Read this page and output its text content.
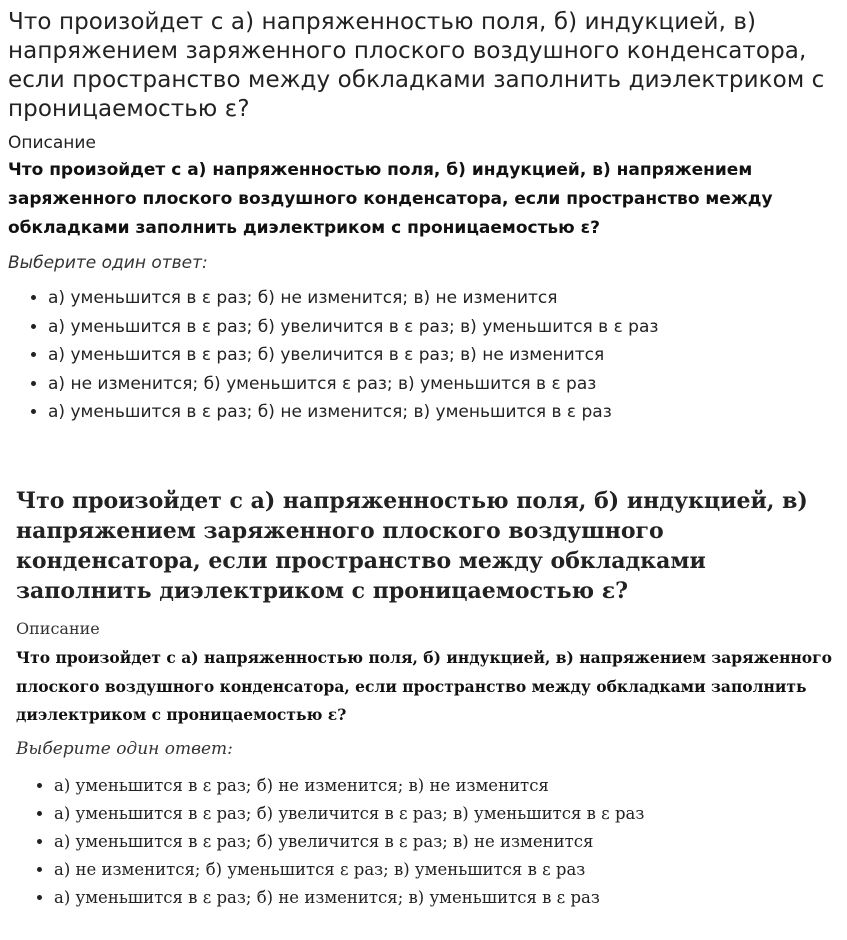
Что произойдет с а) напряженностью поля, б) индукцией, в) напряжением заряженного плоского воздушного конденсатора, если пространство между обкладками заполнить диэлектриком с проницаемостью ε?
Описание
Что произойдет с а) напряженностью поля, б) индукцией, в) напряжением заряженного плоского воздушного конденсатора, если пространство между обкладками заполнить диэлектриком с проницаемостью ε?
Выберите один ответ:
• а) уменьшится в ε раз; б) не изменится; в) не изменится
• а) уменьшится в ε раз; б) увеличится в ε раз; в) уменьшится в ε раз
• а) уменьшится в ε раз; б) увеличится в ε раз; в) не изменится
• а) не изменится; б) уменьшится ε раз; в) уменьшится в ε раз
• а) уменьшится в ε раз; б) не изменится; в) уменьшится в ε раз
Что произойдет с а) напряженностью поля, б) индукцией, в) напряжением заряженного плоского воздушного конденсатора, если пространство между обкладками заполнить диэлектриком с проницаемостью ε?
Описание
Что произойдет с а) напряженностью поля, б) индукцией, в) напряжением заряженного плоского воздушного конденсатора, если пространство между обкладками заполнить диэлектриком с проницаемостью ε?
Выберите один ответ:
• а) уменьшится в ε раз; б) не изменится; в) не изменится
• а) уменьшится в ε раз; б) увеличится в ε раз; в) уменьшится в ε раз
• а) уменьшится в ε раз; б) увеличится в ε раз; в) не изменится
• а) не изменится; б) уменьшится ε раз; в) уменьшится в ε раз
• а) уменьшится в ε раз; б) не изменится; в) уменьшится в ε раз
